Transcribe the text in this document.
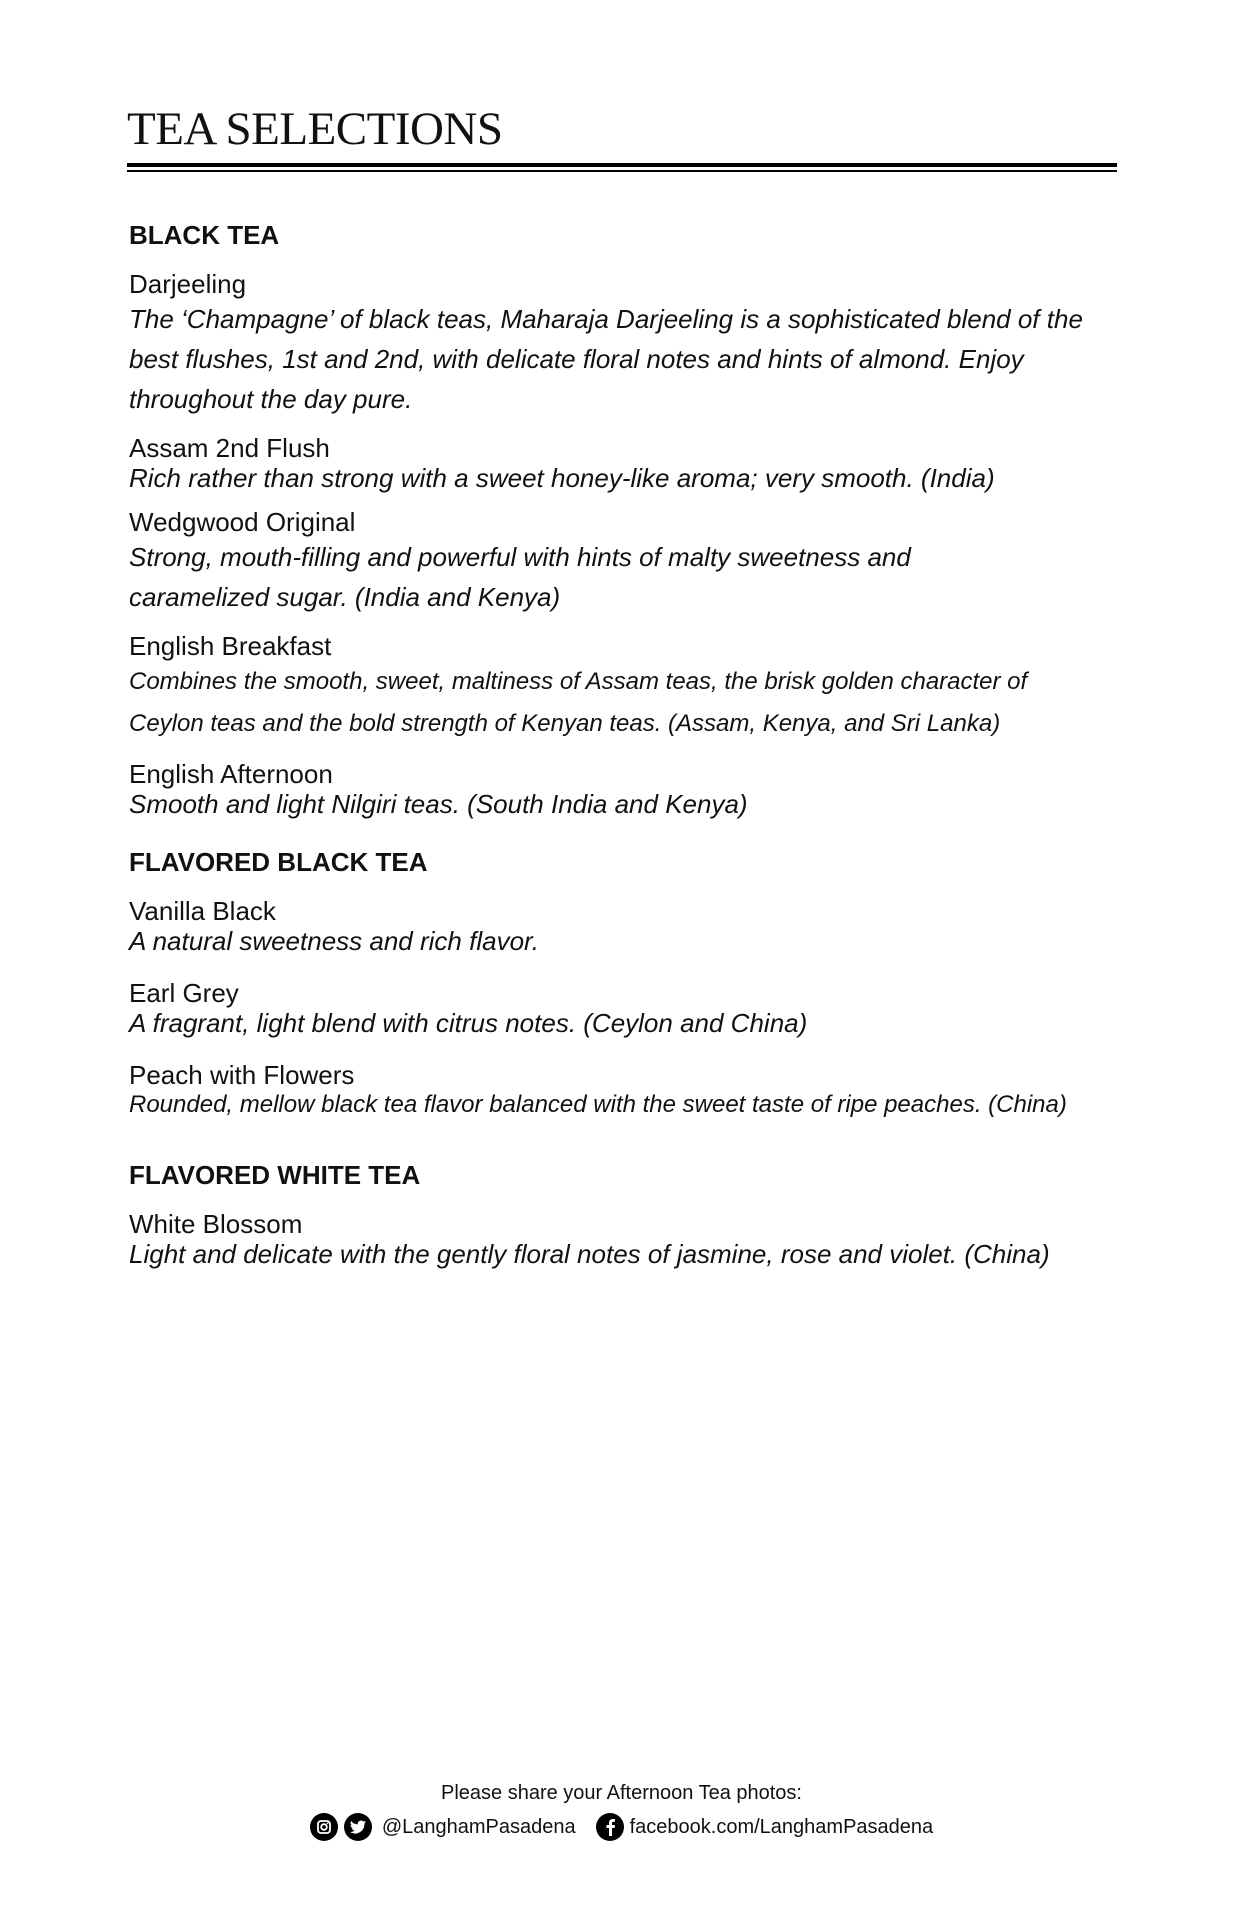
TEA SELECTIONS
BLACK TEA
Darjeeling
The ‘Champagne’ of black teas, Maharaja Darjeeling is a sophisticated blend of the best flushes, 1st and 2nd, with delicate floral notes and hints of almond. Enjoy throughout the day pure.
Assam 2nd Flush
Rich rather than strong with a sweet honey-like aroma; very smooth. (India)
Wedgwood Original
Strong, mouth-filling and powerful with hints of malty sweetness and caramelized sugar. (India and Kenya)
English Breakfast
Combines the smooth, sweet, maltiness of Assam teas, the brisk golden character of Ceylon teas and the bold strength of Kenyan teas. (Assam, Kenya, and Sri Lanka)
English Afternoon
Smooth and light Nilgiri teas. (South India and Kenya)
FLAVORED BLACK TEA
Vanilla Black
A natural sweetness and rich flavor.
Earl Grey
A fragrant, light blend with citrus notes. (Ceylon and China)
Peach with Flowers
Rounded, mellow black tea flavor balanced with the sweet taste of ripe peaches. (China)
FLAVORED WHITE TEA
White Blossom
Light and delicate with the gently floral notes of jasmine, rose and violet. (China)
Please share your Afternoon Tea photos:
@LanghamPasadena	facebook.com/LanghamPasadena
